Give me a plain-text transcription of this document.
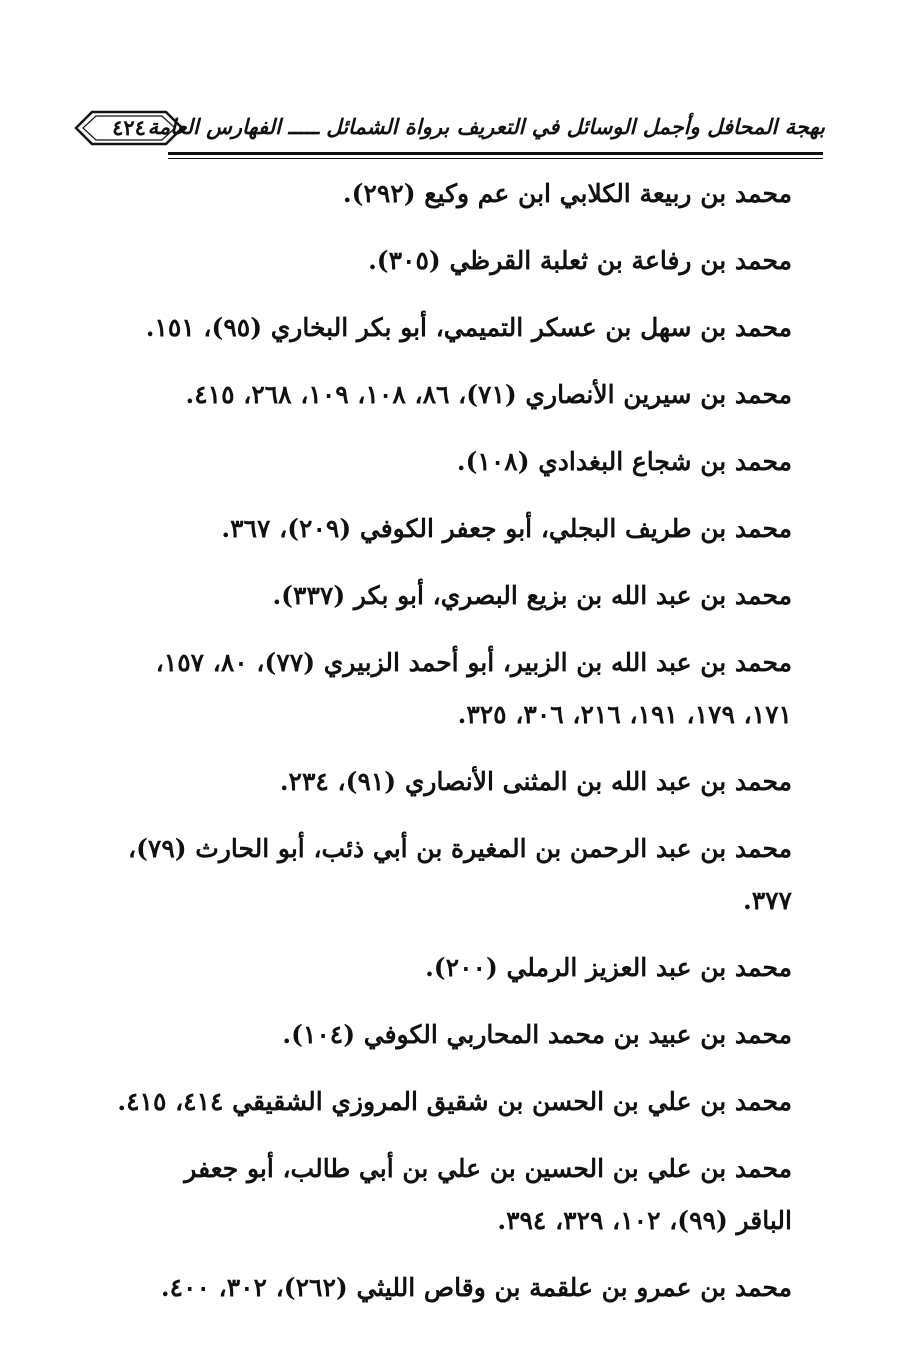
بهجة المحافل وأجمل الوسائل في التعريف برواة الشمائل ـــــ الفهارس العامة
٤٢٤

محمد بن ربيعة الكلابي ابن عم وكيع (٢٩٢).

محمد بن رفاعة بن ثعلبة القرظي (٣٠٥).

محمد بن سهل بن عسكر التميمي، أبو بكر البخاري (٩٥)، ١٥١.

محمد بن سيرين الأنصاري (٧١)، ٨٦، ١٠٨، ١٠٩، ٢٦٨، ٤١٥.

محمد بن شجاع البغدادي (١٠٨).

محمد بن طريف البجلي، أبو جعفر الكوفي (٢٠٩)، ٣٦٧.

محمد بن عبد الله بن بزيع البصري، أبو بكر (٣٣٧).

محمد بن عبد الله بن الزبير، أبو أحمد الزبيري (٧٧)، ٨٠، ١٥٧، ١٧١، ١٧٩، ١٩١، ٢١٦، ٣٠٦، ٣٢٥.

محمد بن عبد الله بن المثنى الأنصاري (٩١)، ٢٣٤.

محمد بن عبد الرحمن بن المغيرة بن أبي ذئب، أبو الحارث (٧٩)، ٣٧٧.

محمد بن عبد العزيز الرملي (٢٠٠).

محمد بن عبيد بن محمد المحاربي الكوفي (١٠٤).

محمد بن علي بن الحسن بن شقيق المروزي الشقيقي ٤١٤، ٤١٥.

محمد بن علي بن الحسين بن علي بن أبي طالب، أبو جعفر الباقر (٩٩)، ١٠٢، ٣٢٩، ٣٩٤.

محمد بن عمرو بن علقمة بن وقاص الليثي (٢٦٢)، ٣٠٢، ٤٠٠.
